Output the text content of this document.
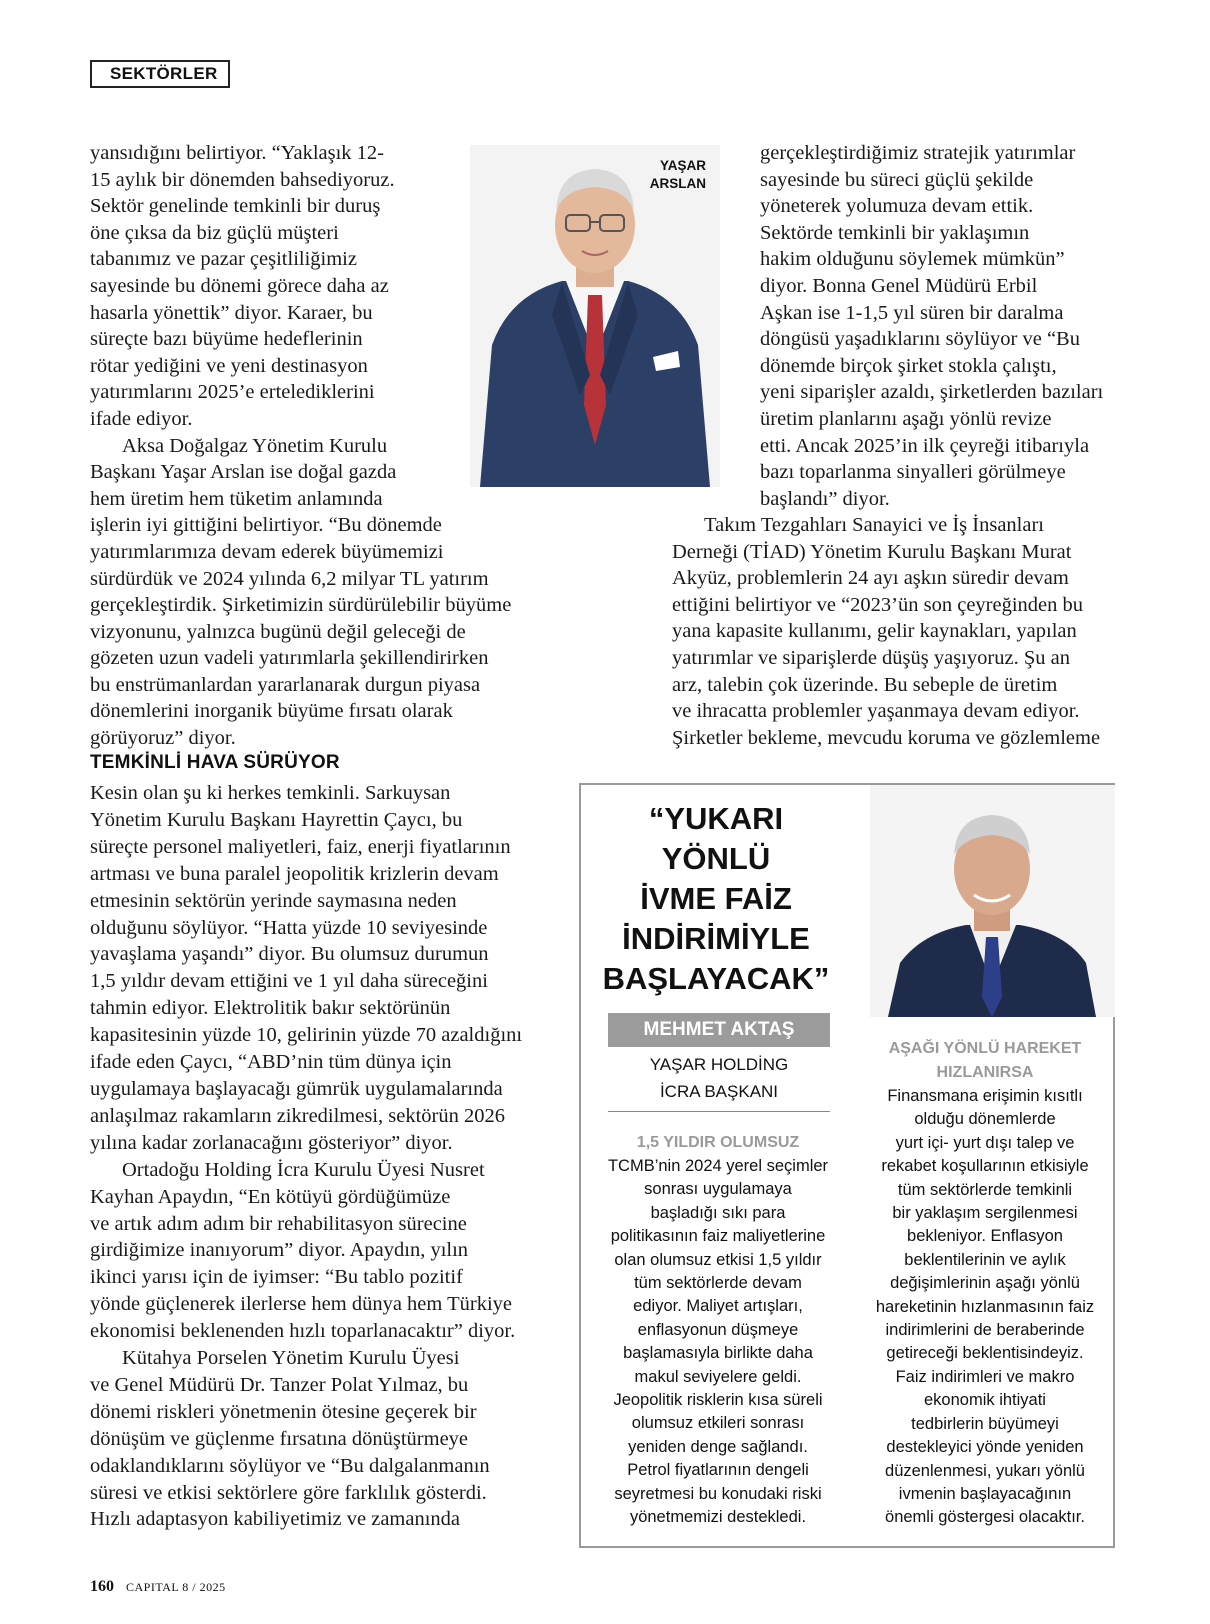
SEKTÖRLER
yansıdığını belirtiyor. “Yaklaşık 12-
15 aylık bir dönemden bahsediyoruz.
Sektör genelinde temkinli bir duruş
öne çıksa da biz güçlü müşteri
tabanımız ve pazar çeşitliliğimiz
sayesinde bu dönemi görece daha az
hasarla yönettik” diyor. Karaer, bu
süreçte bazı büyüme hedeflerinin
rötar yediğini ve yeni destinasyon
yatırımlarını 2025’e ertelediklerini
ifade ediyor.
Aksa Doğalgaz Yönetim Kurulu
Başkanı Yaşar Arslan ise doğal gazda
hem üretim hem tüketim anlamında
işlerin iyi gittiğini belirtiyor. “Bu dönemde
yatırımlarımıza devam ederek büyümemizi
sürdürdük ve 2024 yılında 6,2 milyar TL yatırım
gerçekleştirdik. Şirketimizin sürdürülebilir büyüme
vizyonunu, yalnızca bugünü değil geleceği de
gözeten uzun vadeli yatırımlarla şekillendirirken
bu enstrümanlardan yararlanarak durgun piyasa
dönemlerini inorganik büyüme fırsatı olarak
görüyoruz” diyor.
YAŞAR
ARSLAN
gerçekleştirdiğimiz stratejik yatırımlar
sayesinde bu süreci güçlü şekilde
yöneterek yolumuza devam ettik.
Sektörde temkinli bir yaklaşımın
hakim olduğunu söylemek mümkün”
diyor. Bonna Genel Müdürü Erbil
Aşkan ise 1-1,5 yıl süren bir daralma
döngüsü yaşadıklarını söylüyor ve “Bu
dönemde birçok şirket stokla çalıştı,
yeni siparişler azaldı, şirketlerden bazıları
üretim planlarını aşağı yönlü revize
etti. Ancak 2025’in ilk çeyreği itibarıyla
bazı toparlanma sinyalleri görülmeye
başlandı” diyor.
Takım Tezgahları Sanayici ve İş İnsanları
Derneği (TİAD) Yönetim Kurulu Başkanı Murat
Akyüz, problemlerin 24 ayı aşkın süredir devam
ettiğini belirtiyor ve “2023’ün son çeyreğinden bu
yana kapasite kullanımı, gelir kaynakları, yapılan
yatırımlar ve siparişlerde düşüş yaşıyoruz. Şu an
arz, talebin çok üzerinde. Bu sebeple de üretim
ve ihracatta problemler yaşanmaya devam ediyor.
Şirketler bekleme, mevcudu koruma ve gözlemleme
TEMKİNLİ HAVA SÜRÜYOR
Kesin olan şu ki herkes temkinli. Sarkuysan
Yönetim Kurulu Başkanı Hayrettin Çaycı, bu
süreçte personel maliyetleri, faiz, enerji fiyatlarının
artması ve buna paralel jeopolitik krizlerin devam
etmesinin sektörün yerinde saymasına neden
olduğunu söylüyor. “Hatta yüzde 10 seviyesinde
yavaşlama yaşandı” diyor. Bu olumsuz durumun
1,5 yıldır devam ettiğini ve 1 yıl daha süreceğini
tahmin ediyor. Elektrolitik bakır sektörünün
kapasitesinin yüzde 10, gelirinin yüzde 70 azaldığını
ifade eden Çaycı, “ABD’nin tüm dünya için
uygulamaya başlayacağı gümrük uygulamalarında
anlaşılmaz rakamların zikredilmesi, sektörün 2026
yılına kadar zorlanacağını gösteriyor” diyor.
Ortadoğu Holding İcra Kurulu Üyesi Nusret
Kayhan Apaydın, “En kötüyü gördüğümüze
ve artık adım adım bir rehabilitasyon sürecine
girdiğimize inanıyorum” diyor. Apaydın, yılın
ikinci yarısı için de iyimser: “Bu tablo pozitif
yönde güçlenerek ilerlerse hem dünya hem Türkiye
ekonomisi beklenenden hızlı toparlanacaktır” diyor.
Kütahya Porselen Yönetim Kurulu Üyesi
ve Genel Müdürü Dr. Tanzer Polat Yılmaz, bu
dönemi riskleri yönetmenin ötesine geçerek bir
dönüşüm ve güçlenme fırsatına dönüştürmeye
odaklandıklarını söylüyor ve “Bu dalgalanmanın
süresi ve etkisi sektörlere göre farklılık gösterdi.
Hızlı adaptasyon kabiliyetimiz ve zamanında
“YUKARI
YÖNLÜ
İVME FAİZ
İNDİRİMİYLE
BAŞLAYACAK”
MEHMET AKTAŞ
YAŞAR HOLDİNG
İCRA BAŞKANI
1,5 YILDIR OLUMSUZ
TCMB’nin 2024 yerel seçimler
sonrası uygulamaya
başladığı sıkı para
politikasının faiz maliyetlerine
olan olumsuz etkisi 1,5 yıldır
tüm sektörlerde devam
ediyor. Maliyet artışları,
enflasyonun düşmeye
başlamasıyla birlikte daha
makul seviyelere geldi.
Jeopolitik risklerin kısa süreli
olumsuz etkileri sonrası
yeniden denge sağlandı.
Petrol fiyatlarının dengeli
seyretmesi bu konudaki riski
yönetmemizi destekledi.
AŞAĞI YÖNLÜ HAREKET
HIZLANIRSA
Finansmana erişimin kısıtlı
olduğu dönemlerde
yurt içi- yurt dışı talep ve
rekabet koşullarının etkisiyle
tüm sektörlerde temkinli
bir yaklaşım sergilenmesi
bekleniyor. Enflasyon
beklentilerinin ve aylık
değişimlerinin aşağı yönlü
hareketinin hızlanmasının faiz
indirimlerini de beraberinde
getireceği beklentisindeyiz.
Faiz indirimleri ve makro
ekonomik ihtiyati
tedbirlerin büyümeyi
destekleyici yönde yeniden
düzenlenmesi, yukarı yönlü
ivmenin başlayacağının
önemli göstergesi olacaktır.
160 CAPITAL 8 / 2025
